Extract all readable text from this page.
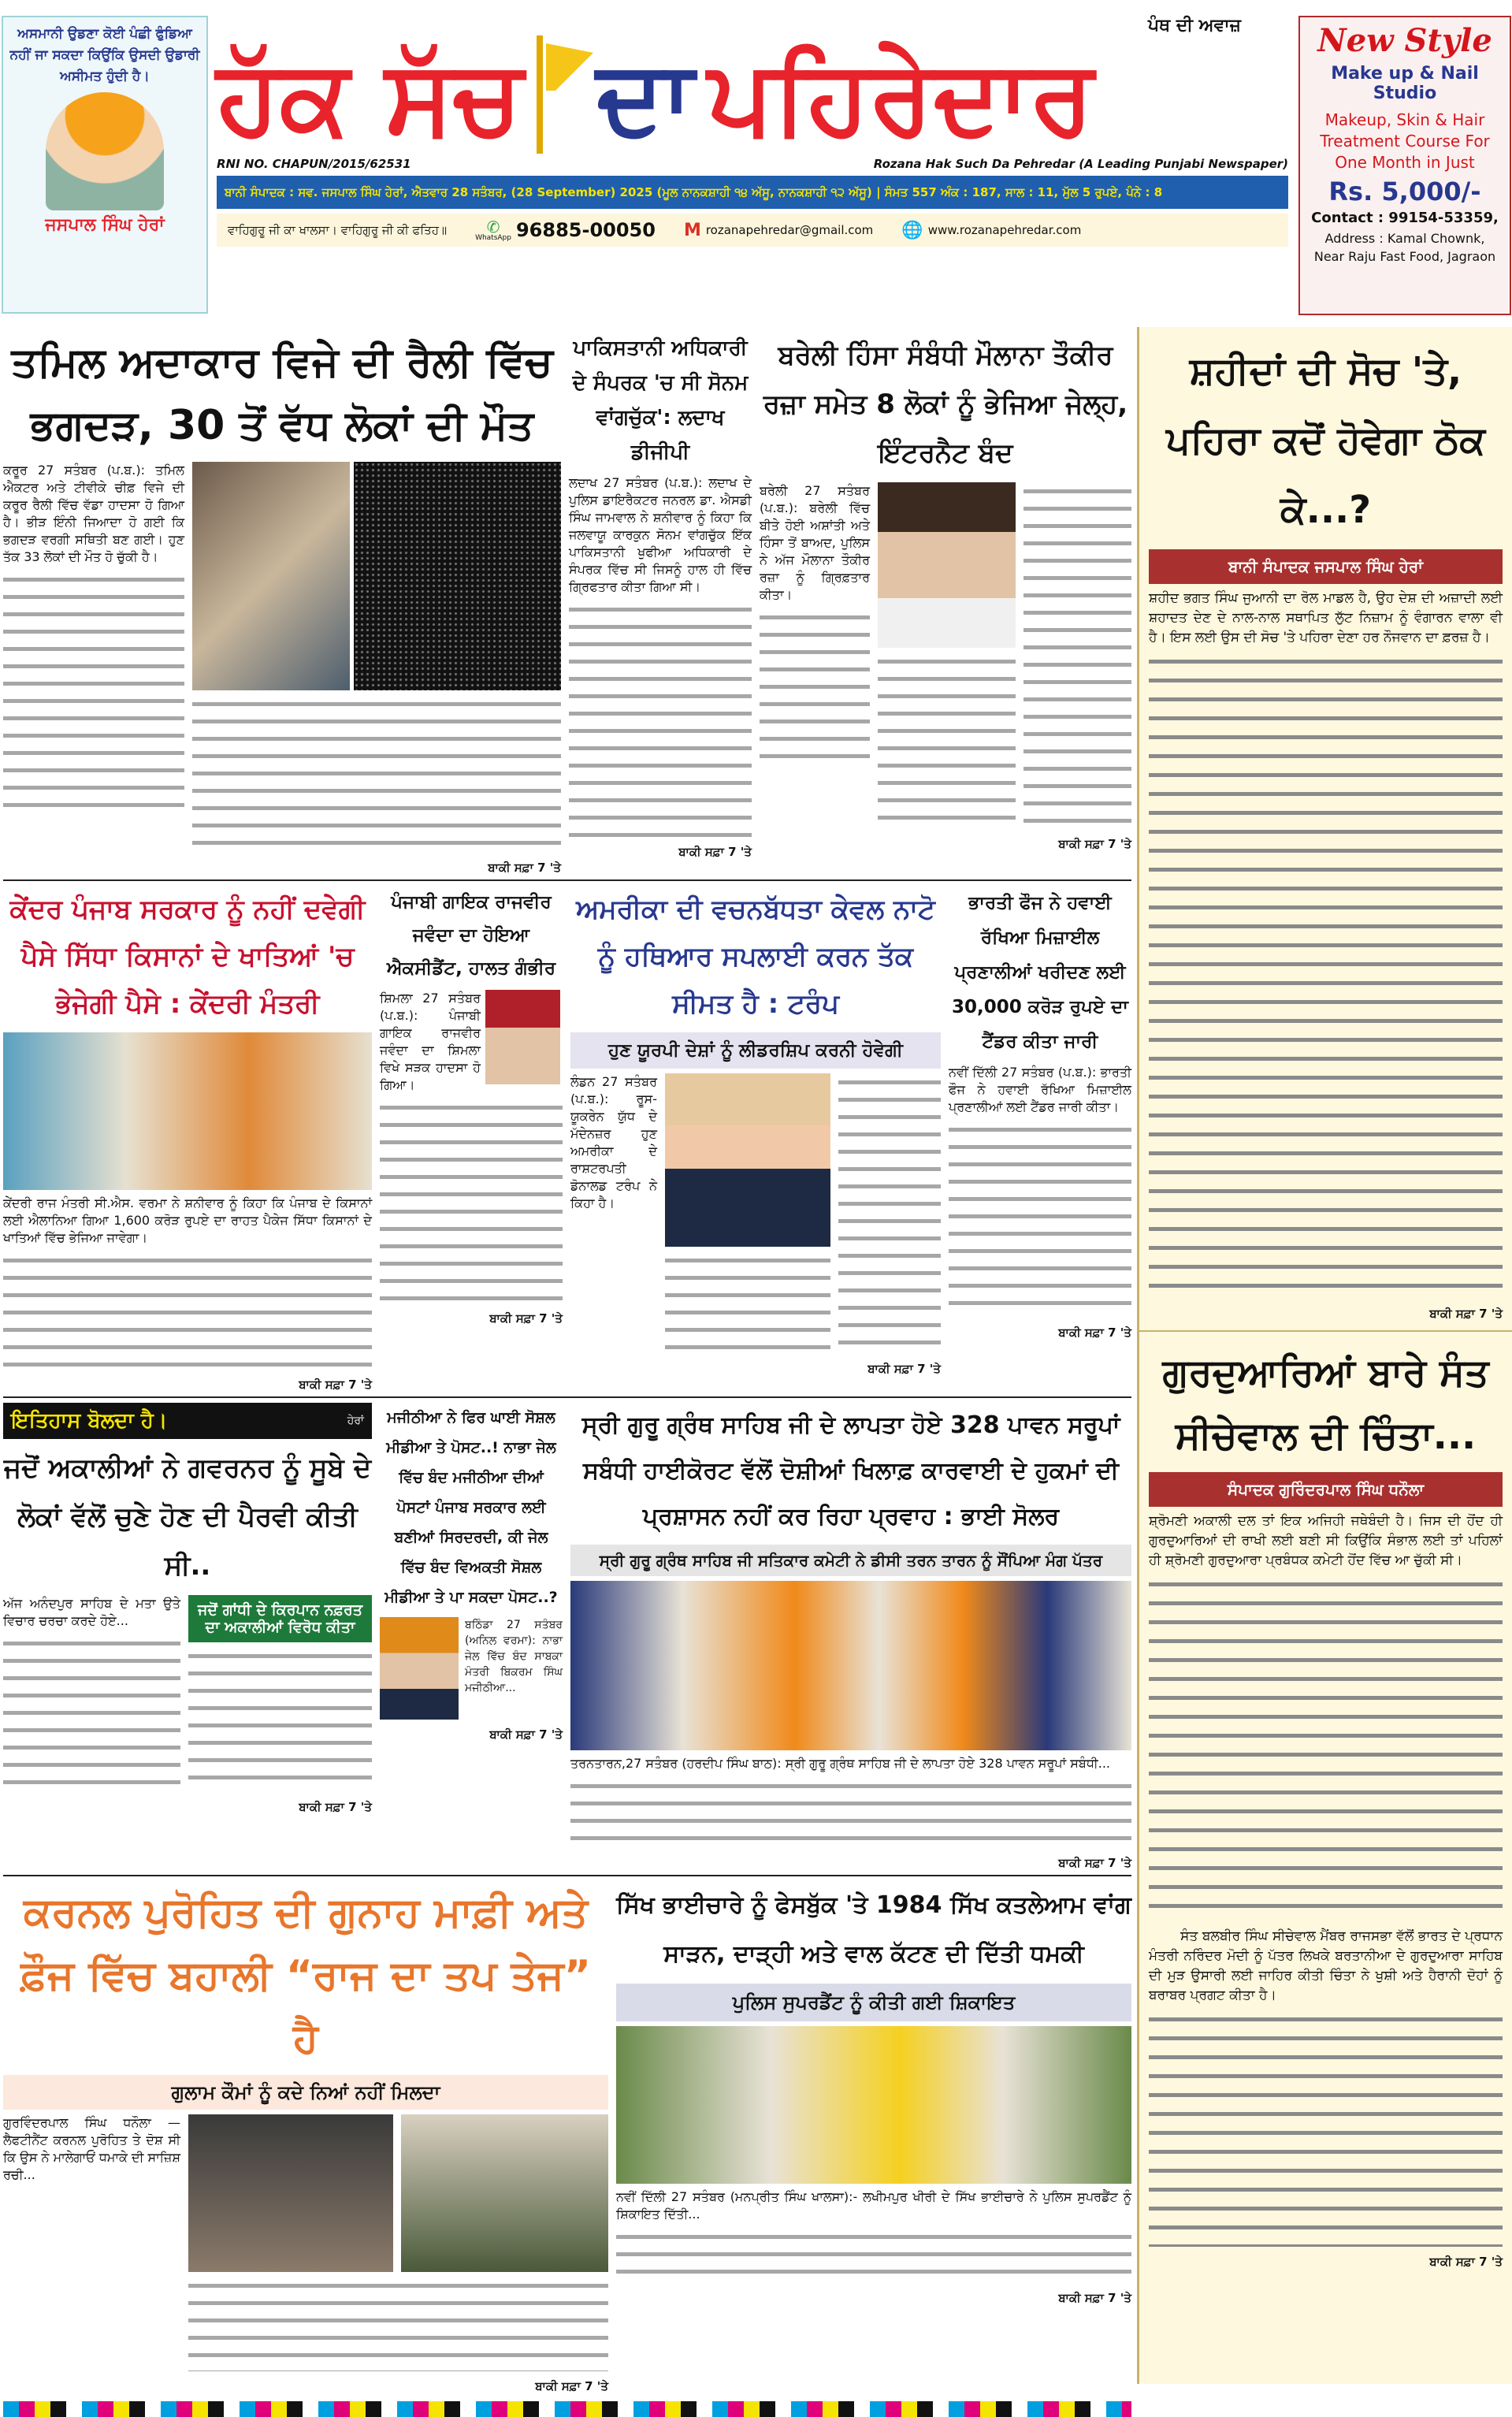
ਅਸਮਾਨੀ ਉਡਣਾ ਕੋਈ ਪੰਛੀ ਫੁੰਡਿਆ ਨਹੀਂ ਜਾ ਸਕਦਾ ਕਿਉਂਕਿ ਉਸਦੀ ਉਡਾਰੀ ਅਸੀਮਤ ਹੁੰਦੀ ਹੈ।
ਜਸਪਾਲ ਸਿੰਘ ਹੇਰਾਂ
ਪੰਥ ਦੀ ਅਵਾਜ਼
ਹੱਕ ਸੱਚ ਦਾ ਪਹਿਰੇਦਾਰ
RNI NO. CHAPUN/2015/62531	Rozana Hak Such Da Pehredar (A Leading Punjabi Newspaper)
ਬਾਨੀ ਸੰਪਾਦਕ : ਸਵ. ਜਸਪਾਲ ਸਿੰਘ ਹੇਰਾਂ, ਐਤਵਾਰ 28 ਸਤੰਬਰ, (28 September) 2025 (ਮੂਲ ਨਾਨਕਸ਼ਾਹੀ ੧੪ ਅੱਸੂ, ਨਾਨਕਸ਼ਾਹੀ ੧੨ ਅੱਸੂ) | ਸੰਮਤ 557 ਅੰਕ : 187, ਸਾਲ : 11, ਮੁੱਲ 5 ਰੁਪਏ, ਪੰਨੇ : 8
ਵਾਹਿਗੁਰੂ ਜੀ ਕਾ ਖਾਲਸਾ। ਵਾਹਿਗੁਰੂ ਜੀ ਕੀ ਫਤਿਹ॥	✆
WhatsApp 96885-00050 M rozanapehredar@gmail.com 🌐 www.rozanapehredar.com
New Style
Make up & Nail Studio
Makeup, Skin & Hair Treatment Course For One Month in Just
Rs. 5,000/-
Contact : 99154-53359,
Address : Kamal Chownk,
Near Raju Fast Food, Jagraon
ਤਮਿਲ ਅਦਾਕਾਰ ਵਿਜੇ ਦੀ ਰੈਲੀ ਵਿੱਚ ਭਗਦੜ, 30 ਤੋਂ ਵੱਧ ਲੋਕਾਂ ਦੀ ਮੌਤ
ਕਰੂਰ 27 ਸਤੰਬਰ (ਪ.ਬ.): ਤਮਿਲ ਐਕਟਰ ਅਤੇ ਟੀਵੀਕੇ ਚੀਫ਼ ਵਿਜੇ ਦੀ ਕਰੂਰ ਰੈਲੀ ਵਿੱਚ ਵੱਡਾ ਹਾਦਸਾ ਹੋ ਗਿਆ ਹੈ। ਭੀੜ ਇੰਨੀ ਜਿਆਦਾ ਹੋ ਗਈ ਕਿ ਭਗਦੜ ਵਰਗੀ ਸਥਿਤੀ ਬਣ ਗਈ। ਹੁਣ ਤੱਕ 33 ਲੋਕਾਂ ਦੀ ਮੌਤ ਹੋ ਚੁੱਕੀ ਹੈ।
ਬਾਕੀ ਸਫ਼ਾ 7 'ਤੇ
ਪਾਕਿਸਤਾਨੀ ਅਧਿਕਾਰੀ ਦੇ ਸੰਪਰਕ 'ਚ ਸੀ ਸੋਨਮ ਵਾਂਗਚੁੱਕ': ਲਦਾਖ ਡੀਜੀਪੀ
ਲਦਾਖ 27 ਸਤੰਬਰ (ਪ.ਬ.): ਲਦਾਖ ਦੇ ਪੁਲਿਸ ਡਾਇਰੈਕਟਰ ਜਨਰਲ ਡਾ. ਐਸਡੀ ਸਿੰਘ ਜਾਮਵਾਲ ਨੇ ਸ਼ਨੀਵਾਰ ਨੂੰ ਕਿਹਾ ਕਿ ਜਲਵਾਯੂ ਕਾਰਕੁਨ ਸੋਨਮ ਵਾਂਗਚੁੱਕ ਇੱਕ ਪਾਕਿਸਤਾਨੀ ਖੁਫੀਆ ਅਧਿਕਾਰੀ ਦੇ ਸੰਪਰਕ ਵਿੱਚ ਸੀ ਜਿਸਨੂੰ ਹਾਲ ਹੀ ਵਿੱਚ ਗ੍ਰਿਫਤਾਰ ਕੀਤਾ ਗਿਆ ਸੀ।
ਬਾਕੀ ਸਫ਼ਾ 7 'ਤੇ
ਬਰੇਲੀ ਹਿੰਸਾ ਸੰਬੰਧੀ ਮੌਲਾਨਾ ਤੌਕੀਰ ਰਜ਼ਾ ਸਮੇਤ 8 ਲੋਕਾਂ ਨੂੰ ਭੇਜਿਆ ਜੇਲ੍ਹ, ਇੰਟਰਨੈਟ ਬੰਦ
ਬਰੇਲੀ 27 ਸਤੰਬਰ (ਪ.ਬ.): ਬਰੇਲੀ ਵਿੱਚ ਬੀਤੇ ਹੋਈ ਅਸ਼ਾਂਤੀ ਅਤੇ ਹਿੰਸਾ ਤੋਂ ਬਾਅਦ, ਪੁਲਿਸ ਨੇ ਅੱਜ ਮੌਲਾਨਾ ਤੌਕੀਰ ਰਜ਼ਾ ਨੂੰ ਗ੍ਰਿਫ਼ਤਾਰ ਕੀਤਾ।
ਬਾਕੀ ਸਫ਼ਾ 7 'ਤੇ
ਕੇਂਦਰ ਪੰਜਾਬ ਸਰਕਾਰ ਨੂੰ ਨਹੀਂ ਦਵੇਗੀ ਪੈਸੇ ਸਿੱਧਾ ਕਿਸਾਨਾਂ ਦੇ ਖਾਤਿਆਂ 'ਚ ਭੇਜੇਗੀ ਪੈਸੇ : ਕੇਂਦਰੀ ਮੰਤਰੀ
ਕੇਂਦਰੀ ਰਾਜ ਮੰਤਰੀ ਸੀ.ਐਸ. ਵਰਮਾ ਨੇ ਸ਼ਨੀਵਾਰ ਨੂੰ ਕਿਹਾ ਕਿ ਪੰਜਾਬ ਦੇ ਕਿਸਾਨਾਂ ਲਈ ਐਲਾਨਿਆ ਗਿਆ 1,600 ਕਰੋੜ ਰੁਪਏ ਦਾ ਰਾਹਤ ਪੈਕੇਜ ਸਿੱਧਾ ਕਿਸਾਨਾਂ ਦੇ ਖਾਤਿਆਂ ਵਿੱਚ ਭੇਜਿਆ ਜਾਵੇਗਾ।
ਬਾਕੀ ਸਫ਼ਾ 7 'ਤੇ
ਪੰਜਾਬੀ ਗਾਇਕ ਰਾਜਵੀਰ ਜਵੰਦਾ ਦਾ ਹੋਇਆ ਐਕਸੀਡੈਂਟ, ਹਾਲਤ ਗੰਭੀਰ
ਸ਼ਿਮਲਾ 27 ਸਤੰਬਰ (ਪ.ਬ.): ਪੰਜਾਬੀ ਗਾਇਕ ਰਾਜਵੀਰ ਜਵੰਦਾ ਦਾ ਸ਼ਿਮਲਾ ਵਿਖੇ ਸੜਕ ਹਾਦਸਾ ਹੋ ਗਿਆ।
ਬਾਕੀ ਸਫ਼ਾ 7 'ਤੇ
ਅਮਰੀਕਾ ਦੀ ਵਚਨਬੱਧਤਾ ਕੇਵਲ ਨਾਟੋ ਨੂੰ ਹਥਿਆਰ ਸਪਲਾਈ ਕਰਨ ਤੱਕ ਸੀਮਤ ਹੈ : ਟਰੰਪ
ਹੁਣ ਯੂਰਪੀ ਦੇਸ਼ਾਂ ਨੂੰ ਲੀਡਰਸ਼ਿਪ ਕਰਨੀ ਹੋਵੇਗੀ
ਲੰਡਨ 27 ਸਤੰਬਰ (ਪ.ਬ.): ਰੂਸ-ਯੂਕਰੇਨ ਯੁੱਧ ਦੇ ਮੱਦੇਨਜ਼ਰ ਹੁਣ ਅਮਰੀਕਾ ਦੇ ਰਾਸ਼ਟਰਪਤੀ ਡੋਨਾਲਡ ਟਰੰਪ ਨੇ ਕਿਹਾ ਹੈ।
ਬਾਕੀ ਸਫ਼ਾ 7 'ਤੇ
ਭਾਰਤੀ ਫੌਜ ਨੇ ਹਵਾਈ ਰੱਖਿਆ ਮਿਜ਼ਾਈਲ ਪ੍ਰਣਾਲੀਆਂ ਖਰੀਦਣ ਲਈ 30,000 ਕਰੋੜ ਰੁਪਏ ਦਾ ਟੈਂਡਰ ਕੀਤਾ ਜਾਰੀ
ਨਵੀਂ ਦਿੱਲੀ 27 ਸਤੰਬਰ (ਪ.ਬ.): ਭਾਰਤੀ ਫੌਜ ਨੇ ਹਵਾਈ ਰੱਖਿਆ ਮਿਜ਼ਾਈਲ ਪ੍ਰਣਾਲੀਆਂ ਲਈ ਟੈਂਡਰ ਜਾਰੀ ਕੀਤਾ।
ਬਾਕੀ ਸਫ਼ਾ 7 'ਤੇ
ਇਤਿਹਾਸ ਬੋਲਦਾ ਹੈ।	ਹੇਰਾਂ
ਜਦੋਂ ਅਕਾਲੀਆਂ ਨੇ ਗਵਰਨਰ ਨੂੰ ਸੂਬੇ ਦੇ ਲੋਕਾਂ ਵੱਲੋਂ ਚੁਣੇ ਹੋਣ ਦੀ ਪੈਰਵੀ ਕੀਤੀ ਸੀ..
ਅੱਜ ਅਨੰਦਪੁਰ ਸਾਹਿਬ ਦੇ ਮਤਾ ਉਤੇ ਵਿਚਾਰ ਚਰਚਾ ਕਰਦੇ ਹੋਏ...
ਜਦੋਂ ਗਾਂਧੀ ਦੇ ਕਿਰਪਾਨ ਨਫ਼ਰਤ ਦਾ ਅਕਾਲੀਆਂ ਵਿਰੋਧ ਕੀਤਾ
ਬਾਕੀ ਸਫ਼ਾ 7 'ਤੇ
ਮਜੀਠੀਆ ਨੇ ਫਿਰ ਘਾਈ ਸੋਸ਼ਲ ਮੀਡੀਆ ਤੇ ਪੋਸਟ..! ਨਾਭਾ ਜੇਲ ਵਿੱਚ ਬੰਦ ਮਜੀਠੀਆ ਦੀਆਂ ਪੋਸਟਾਂ ਪੰਜਾਬ ਸਰਕਾਰ ਲਈ ਬਣੀਆਂ ਸਿਰਦਰਦੀ, ਕੀ ਜੇਲ ਵਿੱਚ ਬੰਦ ਵਿਅਕਤੀ ਸੋਸ਼ਲ ਮੀਡੀਆ ਤੇ ਪਾ ਸਕਦਾ ਪੋਸਟ..?
ਬਠਿੰਡਾ 27 ਸਤੰਬਰ (ਅਨਿਲ ਵਰਮਾ): ਨਾਭਾ ਜੇਲ ਵਿੱਚ ਬੰਦ ਸਾਬਕਾ ਮੰਤਰੀ ਬਿਕਰਮ ਸਿੰਘ ਮਜੀਠੀਆ...
ਬਾਕੀ ਸਫ਼ਾ 7 'ਤੇ
ਸ੍ਰੀ ਗੁਰੂ ਗ੍ਰੰਥ ਸਾਹਿਬ ਜੀ ਦੇ ਲਾਪਤਾ ਹੋਏ 328 ਪਾਵਨ ਸਰੂਪਾਂ ਸਬੰਧੀ ਹਾਈਕੋਰਟ ਵੱਲੋਂ ਦੋਸ਼ੀਆਂ ਖਿਲਾਫ਼ ਕਾਰਵਾਈ ਦੇ ਹੁਕਮਾਂ ਦੀ ਪ੍ਰਸ਼ਾਸਨ ਨਹੀਂ ਕਰ ਰਿਹਾ ਪ੍ਰਵਾਹ : ਭਾਈ ਸੋਲਰ
ਸ੍ਰੀ ਗੁਰੂ ਗ੍ਰੰਥ ਸਾਹਿਬ ਜੀ ਸਤਿਕਾਰ ਕਮੇਟੀ ਨੇ ਡੀਸੀ ਤਰਨ ਤਾਰਨ ਨੂੰ ਸੌਂਪਿਆ ਮੰਗ ਪੱਤਰ
ਤਰਨਤਾਰਨ,27 ਸਤੰਬਰ (ਹਰਦੀਪ ਸਿੰਘ ਬਾਠ): ਸ੍ਰੀ ਗੁਰੂ ਗ੍ਰੰਥ ਸਾਹਿਬ ਜੀ ਦੇ ਲਾਪਤਾ ਹੋਏ 328 ਪਾਵਨ ਸਰੂਪਾਂ ਸਬੰਧੀ...
ਬਾਕੀ ਸਫ਼ਾ 7 'ਤੇ
ਕਰਨਲ ਪੁਰੋਹਿਤ ਦੀ ਗੁਨਾਹ ਮਾਫ਼ੀ ਅਤੇ ਫ਼ੌਜ ਵਿੱਚ ਬਹਾਲੀ “ਰਾਜ ਦਾ ਤਪ ਤੇਜ” ਹੈ
ਗੁਲਾਮ ਕੌਮਾਂ ਨੂੰ ਕਦੇ ਨਿਆਂ ਨਹੀਂ ਮਿਲਦਾ
ਗੁਰਵਿੰਦਰਪਾਲ ਸਿੰਘ ਧਨੌਲਾ — ਲੈਫਟੀਨੈਂਟ ਕਰਨਲ ਪੁਰੋਹਿਤ ਤੇ ਦੋਸ਼ ਸੀ ਕਿ ਉਸ ਨੇ ਮਾਲੇਗਾਓਂ ਧਮਾਕੇ ਦੀ ਸਾਜ਼ਿਸ਼ ਰਚੀ...
ਬਾਕੀ ਸਫ਼ਾ 7 'ਤੇ
ਸਿੱਖ ਭਾਈਚਾਰੇ ਨੂੰ ਫੇਸਬੁੱਕ 'ਤੇ 1984 ਸਿੱਖ ਕਤਲੇਆਮ ਵਾਂਗ ਸਾੜਨ, ਦਾੜ੍ਹੀ ਅਤੇ ਵਾਲ ਕੱਟਣ ਦੀ ਦਿੱਤੀ ਧਮਕੀ
ਪੁਲਿਸ ਸੁਪਰਡੈਂਟ ਨੂੰ ਕੀਤੀ ਗਈ ਸ਼ਿਕਾਇਤ
ਨਵੀਂ ਦਿੱਲੀ 27 ਸਤੰਬਰ (ਮਨਪ੍ਰੀਤ ਸਿੰਘ ਖਾਲਸਾ):- ਲਖੀਮਪੁਰ ਖੀਰੀ ਦੇ ਸਿੱਖ ਭਾਈਚਾਰੇ ਨੇ ਪੁਲਿਸ ਸੁਪਰਡੈਂਟ ਨੂੰ ਸ਼ਿਕਾਇਤ ਦਿੱਤੀ...
ਬਾਕੀ ਸਫ਼ਾ 7 'ਤੇ
ਸ਼ਹੀਦਾਂ ਦੀ ਸੋਚ 'ਤੇ, ਪਹਿਰਾ ਕਦੋਂ ਹੋਵੇਗਾ ਠੋਕ ਕੇ...?
ਬਾਨੀ ਸੰਪਾਦਕ ਜਸਪਾਲ ਸਿੰਘ ਹੇਰਾਂ
ਸ਼ਹੀਦ ਭਗਤ ਸਿੰਘ ਜੁਆਨੀ ਦਾ ਰੋਲ ਮਾਡਲ ਹੈ, ਉਹ ਦੇਸ਼ ਦੀ ਅਜ਼ਾਦੀ ਲਈ ਸ਼ਹਾਦਤ ਦੇਣ ਦੇ ਨਾਲ-ਨਾਲ ਸਥਾਪਿਤ ਲੁੱਟ ਨਿਜ਼ਾਮ ਨੂੰ ਵੰਗਾਰਨ ਵਾਲਾ ਵੀ ਹੈ। ਇਸ ਲਈ ਉਸ ਦੀ ਸੋਚ 'ਤੇ ਪਹਿਰਾ ਦੇਣਾ ਹਰ ਨੌਜਵਾਨ ਦਾ ਫ਼ਰਜ਼ ਹੈ।
ਬਾਕੀ ਸਫ਼ਾ 7 'ਤੇ
ਗੁਰਦੁਆਰਿਆਂ ਬਾਰੇ ਸੰਤ ਸੀਚੇਵਾਲ ਦੀ ਚਿੰਤਾ...
ਸੰਪਾਦਕ ਗੁਰਿੰਦਰਪਾਲ ਸਿੰਘ ਧਨੌਲਾ
ਸ਼੍ਰੋਮਣੀ ਅਕਾਲੀ ਦਲ ਤਾਂ ਇਕ ਅਜਿਹੀ ਜਥੇਬੰਦੀ ਹੈ। ਜਿਸ ਦੀ ਹੋਂਦ ਹੀ ਗੁਰਦੁਆਰਿਆਂ ਦੀ ਰਾਖੀ ਲਈ ਬਣੀ ਸੀ ਕਿਉਂਕਿ ਸੰਭਾਲ ਲਈ ਤਾਂ ਪਹਿਲਾਂ ਹੀ ਸ਼੍ਰੋਮਣੀ ਗੁਰਦੁਆਰਾ ਪ੍ਰਬੰਧਕ ਕਮੇਟੀ ਹੋਂਦ ਵਿੱਚ ਆ ਚੁੱਕੀ ਸੀ।
ਸੰਤ ਬਲਬੀਰ ਸਿੰਘ ਸੀਚੇਵਾਲ ਮੈਂਬਰ ਰਾਜਸਭਾ ਵੱਲੋਂ ਭਾਰਤ ਦੇ ਪ੍ਰਧਾਨ ਮੰਤਰੀ ਨਰਿੰਦਰ ਮੋਦੀ ਨੂੰ ਪੱਤਰ ਲਿਖਕੇ ਬਰਤਾਨੀਆ ਦੇ ਗੁਰਦੁਆਰਾ ਸਾਹਿਬ ਦੀ ਮੁੜ ਉਸਾਰੀ ਲਈ ਜਾਹਿਰ ਕੀਤੀ ਚਿੰਤਾ ਨੇ ਖੁਸ਼ੀ ਅਤੇ ਹੈਰਾਨੀ ਦੋਹਾਂ ਨੂੰ ਬਰਾਬਰ ਪ੍ਰਗਟ ਕੀਤਾ ਹੈ।
ਬਾਕੀ ਸਫ਼ਾ 7 'ਤੇ
